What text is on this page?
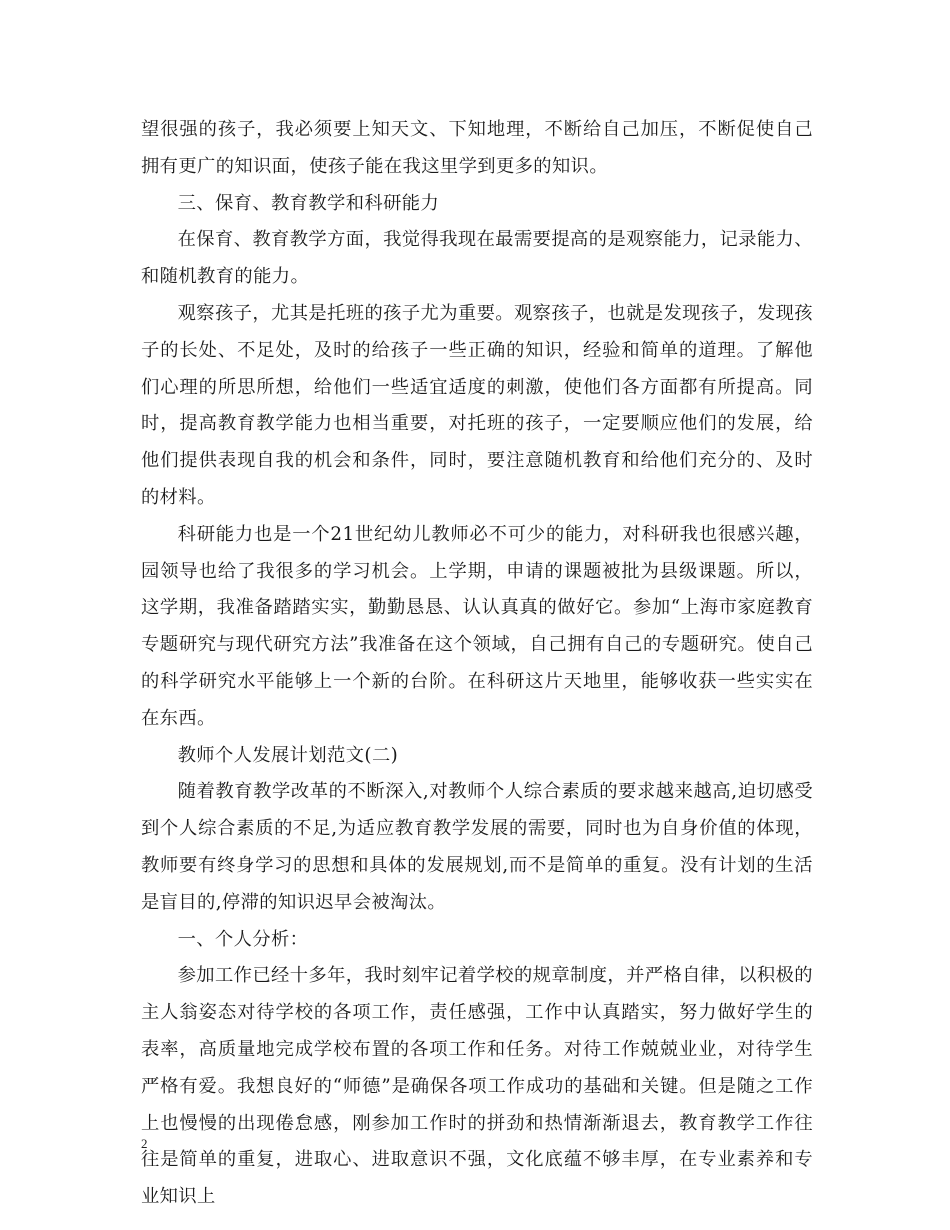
望很强的孩子，我必须要上知天文、下知地理，不断给自己加压，不断促使自己拥有更广的知识面，使孩子能在我这里学到更多的知识。

三、保育、教育教学和科研能力

在保育、教育教学方面，我觉得我现在最需要提高的是观察能力，记录能力、和随机教育的能力。

观察孩子，尤其是托班的孩子尤为重要。观察孩子，也就是发现孩子，发现孩子的长处、不足处，及时的给孩子一些正确的知识，经验和简单的道理。了解他们心理的所思所想，给他们一些适宜适度的刺激，使他们各方面都有所提高。同时，提高教育教学能力也相当重要，对托班的孩子，一定要顺应他们的发展，给他们提供表现自我的机会和条件，同时，要注意随机教育和给他们充分的、及时的材料。

科研能力也是一个21世纪幼儿教师必不可少的能力，对科研我也很感兴趣，园领导也给了我很多的学习机会。上学期，申请的课题被批为县级课题。所以，这学期，我准备踏踏实实，勤勤恳恳、认认真真的做好它。参加“上海市家庭教育专题研究与现代研究方法”我准备在这个领域，自己拥有自己的专题研究。使自己的科学研究水平能够上一个新的台阶。在科研这片天地里，能够收获一些实实在在东西。

教师个人发展计划范文(二)

随着教育教学改革的不断深入,对教师个人综合素质的要求越来越高,迫切感受到个人综合素质的不足,为适应教育教学发展的需要，同时也为自身价值的体现，教师要有终身学习的思想和具体的发展规划,而不是简单的重复。没有计划的生活是盲目的,停滞的知识迟早会被淘汰。

一、个人分析：

参加工作已经十多年，我时刻牢记着学校的规章制度，并严格自律，以积极的主人翁姿态对待学校的各项工作，责任感强，工作中认真踏实，努力做好学生的表率，高质量地完成学校布置的各项工作和任务。对待工作兢兢业业，对待学生严格有爱。我想良好的“师德”是确保各项工作成功的基础和关键。但是随之工作上也慢慢的出现倦怠感，刚参加工作时的拼劲和热情渐渐退去，教育教学工作往往是简单的重复，进取心、进取意识不强，文化底蕴不够丰厚，在专业素养和专业知识上

2
